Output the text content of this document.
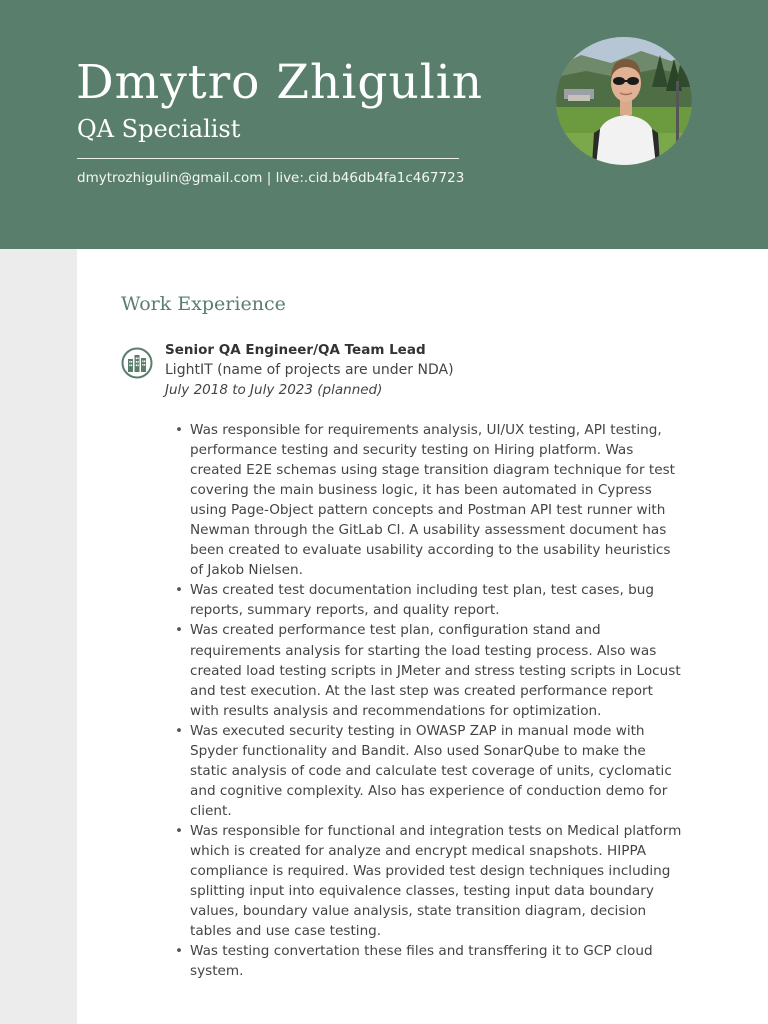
Dmytro Zhigulin
QA Specialist
dmytrozhiguIin@gmail.com | live:.cid.b46db4fa1c467723
Work Experience
Senior QA Engineer/QA Team Lead
LightIT (name of projects are under NDA)
July 2018 to July 2023 (planned)
• Was responsible for requirements analysis, UI/UX testing, API testing, performance testing and security testing on Hiring platform. Was created E2E schemas using stage transition diagram technique for test covering the main business logic, it has been automated in Cypress using Page-Object pattern concepts and Postman API test runner with Newman through the GitLab CI. A usability assessment document has been created to evaluate usability according to the usability heuristics of Jakob Nielsen.
• Was created test documentation including test plan, test cases, bug reports, summary reports, and quality report.
• Was created performance test plan, configuration stand and requirements analysis for starting the load testing process. Also was created load testing scripts in JMeter and stress testing scripts in Locust and test execution. At the last step was created performance report with results analysis and recommendations for optimization.
• Was executed security testing in OWASP ZAP in manual mode with Spyder functionality and Bandit. Also used SonarQube to make the static analysis of code and calculate test coverage of units, cyclomatic and cognitive complexity. Also has experience of conduction demo for client.
• Was responsible for functional and integration tests on Medical platform which is created for analyze and encrypt medical snapshots. HIPPA compliance is required. Was provided test design techniques including splitting input into equivalence classes, testing input data boundary values, boundary value analysis, state transition diagram, decision tables and use case testing.
• Was testing convertation these files and transffering it to GCP cloud system.
